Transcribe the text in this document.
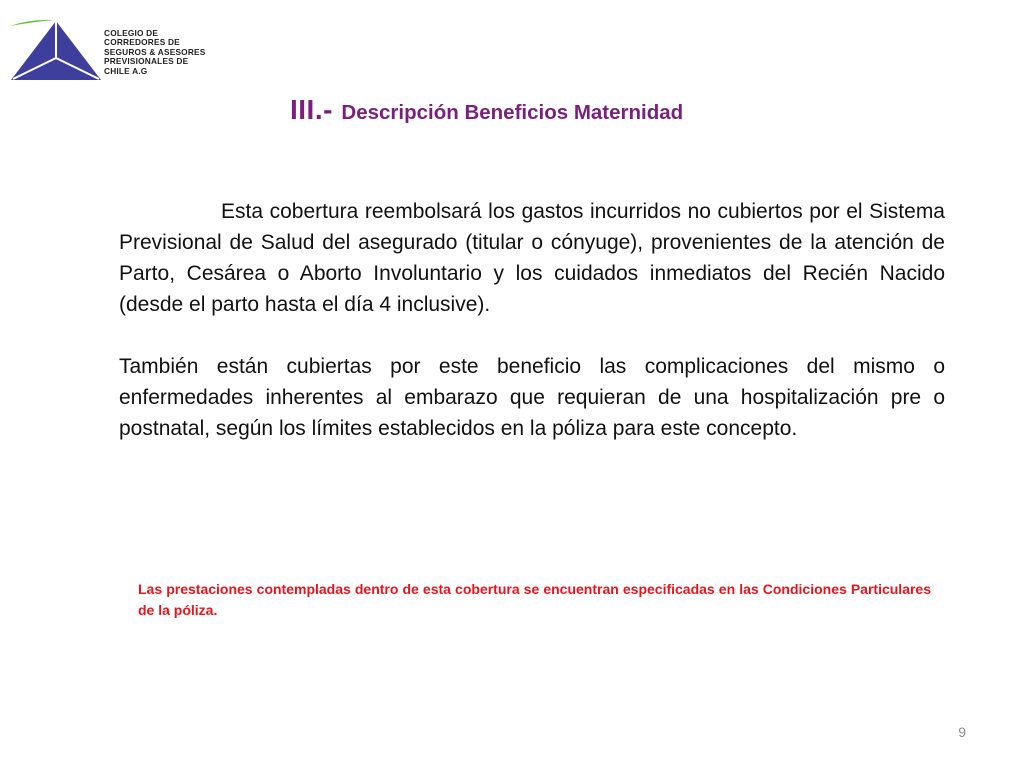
COLEGIO DE
CORREDORES DE
SEGUROS & ASESORES
PREVISIONALES DE
CHILE A.G
III.- Descripción Beneficios Maternidad

Esta cobertura reembolsará los gastos incurridos no cubiertos por el Sistema Previsional de Salud del asegurado (titular o cónyuge), provenientes de la atención de Parto, Cesárea o Aborto Involuntario y los cuidados inmediatos del Recién Nacido (desde el parto hasta el día 4 inclusive).

También están cubiertas por este beneficio las complicaciones del mismo o enfermedades inherentes al embarazo que requieran de una hospitalización pre o postnatal, según los límites establecidos en la póliza para este concepto.

Las prestaciones contempladas dentro de esta cobertura se encuentran especificadas en las Condiciones Particulares de la póliza.
9
